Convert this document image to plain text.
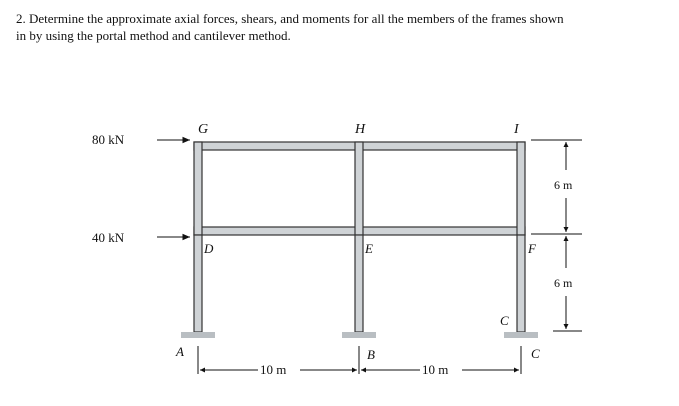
2. Determine the approximate axial forces, shears, and moments for all the members of the frames shown
in by using the portal method and cantilever method.
80 kN
40 kN
G	H	I
D	E	F
C
A	B	C
10 m	10 m
6 m
6 m
